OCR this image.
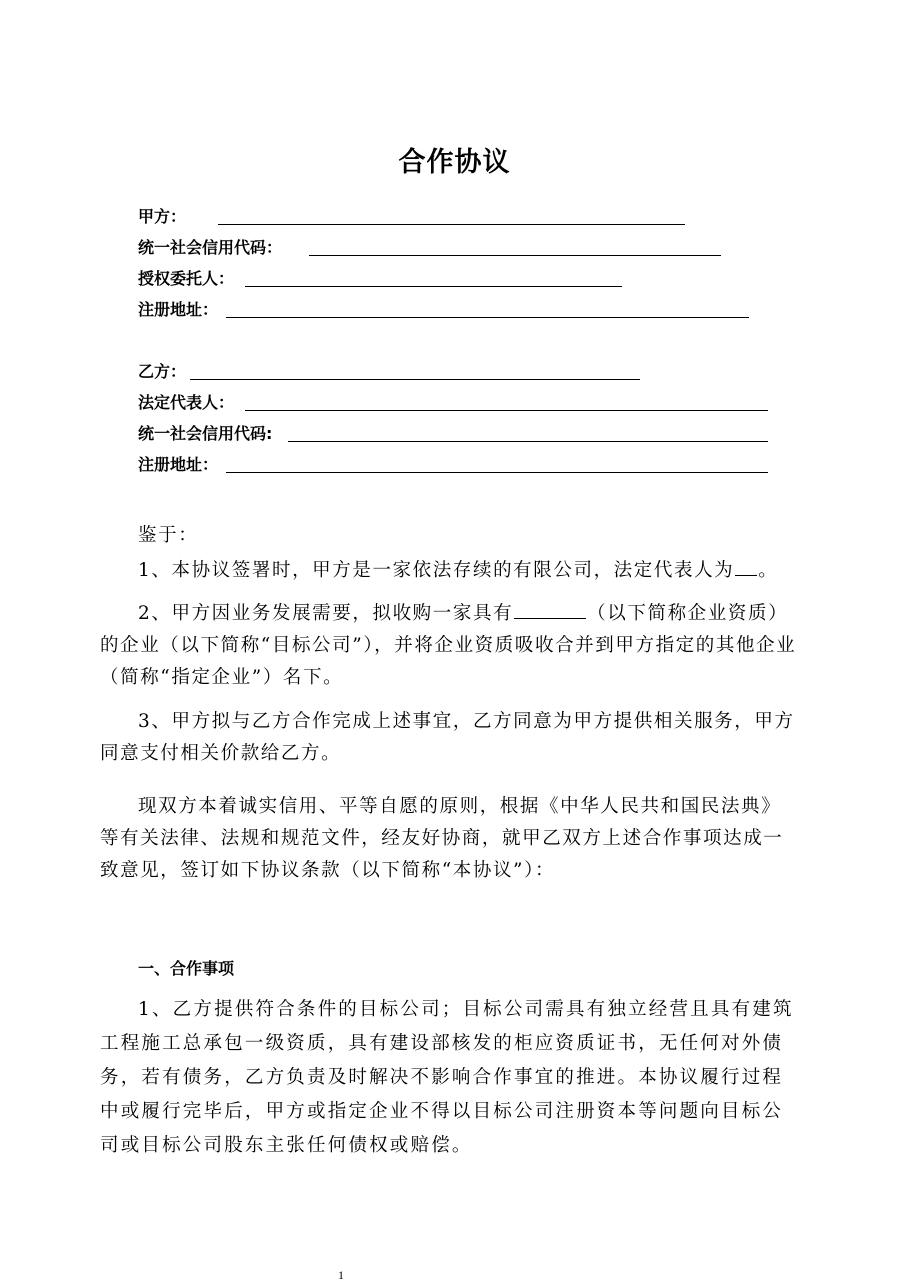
合作协议
甲方：
统一社会信用代码：
授权委托人：
注册地址：
乙方：
法定代表人：
统一社会信用代码:
注册地址：
鉴于：
1、本协议签署时，甲方是一家依法存续的有限公司，法定代表人为 。
2、甲方因业务发展需要，拟收购一家具有	（以下简称企业资质）的企业（以下简称“目标公司”），并将企业资质吸收合并到甲方指定的其他企业（简称“指定企业”）名下。
3、甲方拟与乙方合作完成上述事宜，乙方同意为甲方提供相关服务，甲方同意支付相关价款给乙方。
现双方本着诚实信用、平等自愿的原则，根据《中华人民共和国民法典》等有关法律、法规和规范文件，经友好协商，就甲乙双方上述合作事项达成一致意见，签订如下协议条款（以下简称“本协议”）：
一、合作事项
1、乙方提供符合条件的目标公司；目标公司需具有独立经营且具有建筑工程施工总承包一级资质，具有建设部核发的柜应资质证书，无任何对外债务，若有债务，乙方负责及时解决不影响合作事宜的推进。本协议履行过程中或履行完毕后，甲方或指定企业不得以目标公司注册资本等问题向目标公司或目标公司股东主张任何债权或赔偿。
1
